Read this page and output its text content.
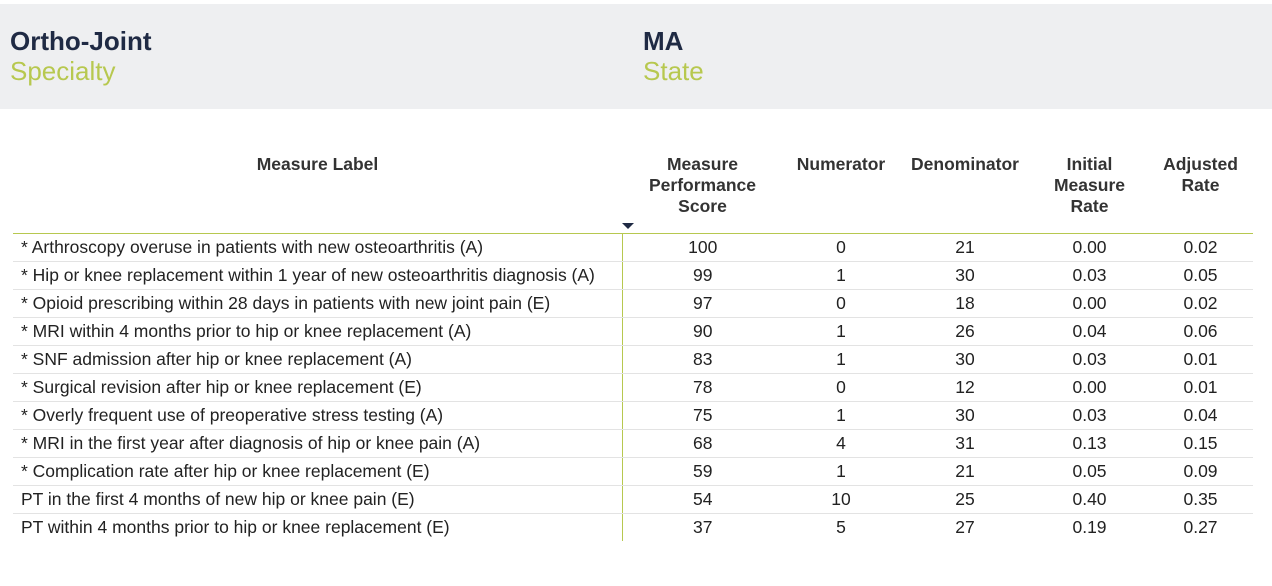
Ortho-Joint
Specialty
MA
State
Measure Label	Measure Performance Score	Numerator	Denominator	Initial Measure Rate	Adjusted Rate
* Arthroscopy overuse in patients with new osteoarthritis (A)	100	0	21	0.00	0.02
* Hip or knee replacement within 1 year of new osteoarthritis diagnosis (A)	99	1	30	0.03	0.05
* Opioid prescribing within 28 days in patients with new joint pain (E)	97	0	18	0.00	0.02
* MRI within 4 months prior to hip or knee replacement (A)	90	1	26	0.04	0.06
* SNF admission after hip or knee replacement (A)	83	1	30	0.03	0.01
* Surgical revision after hip or knee replacement (E)	78	0	12	0.00	0.01
* Overly frequent use of preoperative stress testing (A)	75	1	30	0.03	0.04
* MRI in the first year after diagnosis of hip or knee pain (A)	68	4	31	0.13	0.15
* Complication rate after hip or knee replacement (E)	59	1	21	0.05	0.09
PT in the first 4 months of new hip or knee pain (E)	54	10	25	0.40	0.35
PT within 4 months prior to hip or knee replacement (E)	37	5	27	0.19	0.27
